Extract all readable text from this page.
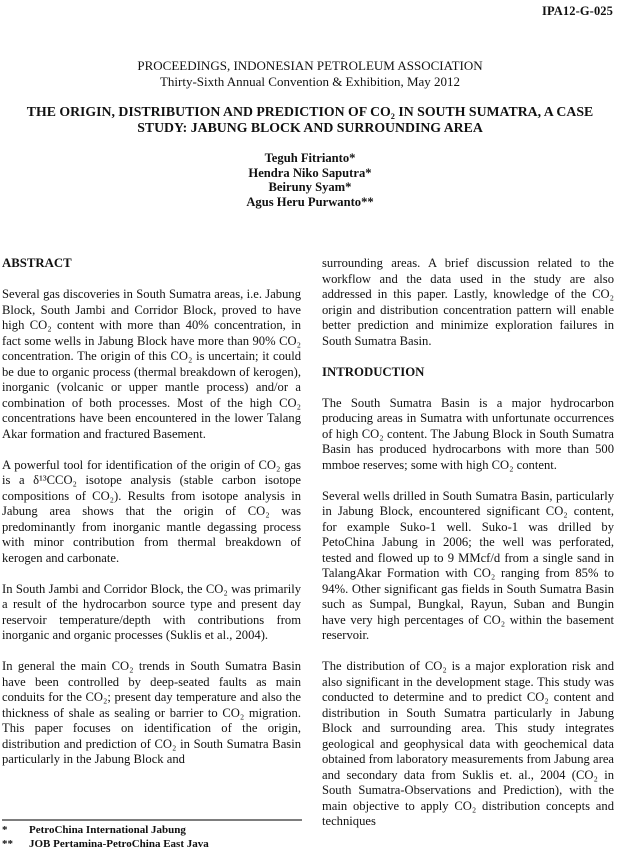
IPA12-G-025
PROCEEDINGS, INDONESIAN PETROLEUM ASSOCIATION
Thirty-Sixth Annual Convention & Exhibition, May 2012
THE ORIGIN, DISTRIBUTION AND PREDICTION OF CO₂ IN SOUTH SUMATRA, A CASE STUDY: JABUNG BLOCK AND SURROUNDING AREA
Teguh Fitrianto*
Hendra Niko Saputra*
Beiruny Syam*
Agus Heru Purwanto**
ABSTRACT

Several gas discoveries in South Sumatra areas, i.e. Jabung Block, South Jambi and Corridor Block, proved to have high CO₂ content with more than 40% concentration, in fact some wells in Jabung Block have more than 90% CO₂ concentration. The origin of this CO₂ is uncertain; it could be due to organic process (thermal breakdown of kerogen), inorganic (volcanic or upper mantle process) and/or a combination of both processes. Most of the high CO₂ concentrations have been encountered in the lower Talang Akar formation and fractured Basement.

A powerful tool for identification of the origin of CO₂ gas is a δ¹³CCO₂ isotope analysis (stable carbon isotope compositions of CO₂). Results from isotope analysis in Jabung area shows that the origin of CO₂ was predominantly from inorganic mantle degassing process with minor contribution from thermal breakdown of kerogen and carbonate.

In South Jambi and Corridor Block, the CO₂ was primarily a result of the hydrocarbon source type and present day reservoir temperature/depth with contributions from inorganic and organic processes (Suklis et al., 2004).

In general the main CO₂ trends in South Sumatra Basin have been controlled by deep-seated faults as main conduits for the CO₂; present day temperature and also the thickness of shale as sealing or barrier to CO₂ migration. This paper focuses on identification of the origin, distribution and prediction of CO₂ in South Sumatra Basin particularly in the Jabung Block and

surrounding areas. A brief discussion related to the workflow and the data used in the study are also addressed in this paper. Lastly, knowledge of the CO₂ origin and distribution concentration pattern will enable better prediction and minimize exploration failures in South Sumatra Basin.

INTRODUCTION

The South Sumatra Basin is a major hydrocarbon producing areas in Sumatra with unfortunate occurrences of high CO₂ content. The Jabung Block in South Sumatra Basin has produced hydrocarbons with more than 500 mmboe reserves; some with high CO₂ content.

Several wells drilled in South Sumatra Basin, particularly in Jabung Block, encountered significant CO₂ content, for example Suko-1 well. Suko-1 was drilled by PetoChina Jabung in 2006; the well was perforated, tested and flowed up to 9 MMcf/d from a single sand in TalangAkar Formation with CO₂ ranging from 85% to 94%. Other significant gas fields in South Sumatra Basin such as Sumpal, Bungkal, Rayun, Suban and Bungin have very high percentages of CO₂ within the basement reservoir.

The distribution of CO₂ is a major exploration risk and also significant in the development stage. This study was conducted to determine and to predict CO₂ content and distribution in South Sumatra particularly in Jabung Block and surrounding area. This study integrates geological and geophysical data with geochemical data obtained from laboratory measurements from Jabung area and secondary data from Suklis et. al., 2004 (CO₂ in South Sumatra-Observations and Prediction), with the main objective to apply CO₂ distribution concepts and techniques

*	PetroChina International Jabung
**	JOB Pertamina-PetroChina East Java
